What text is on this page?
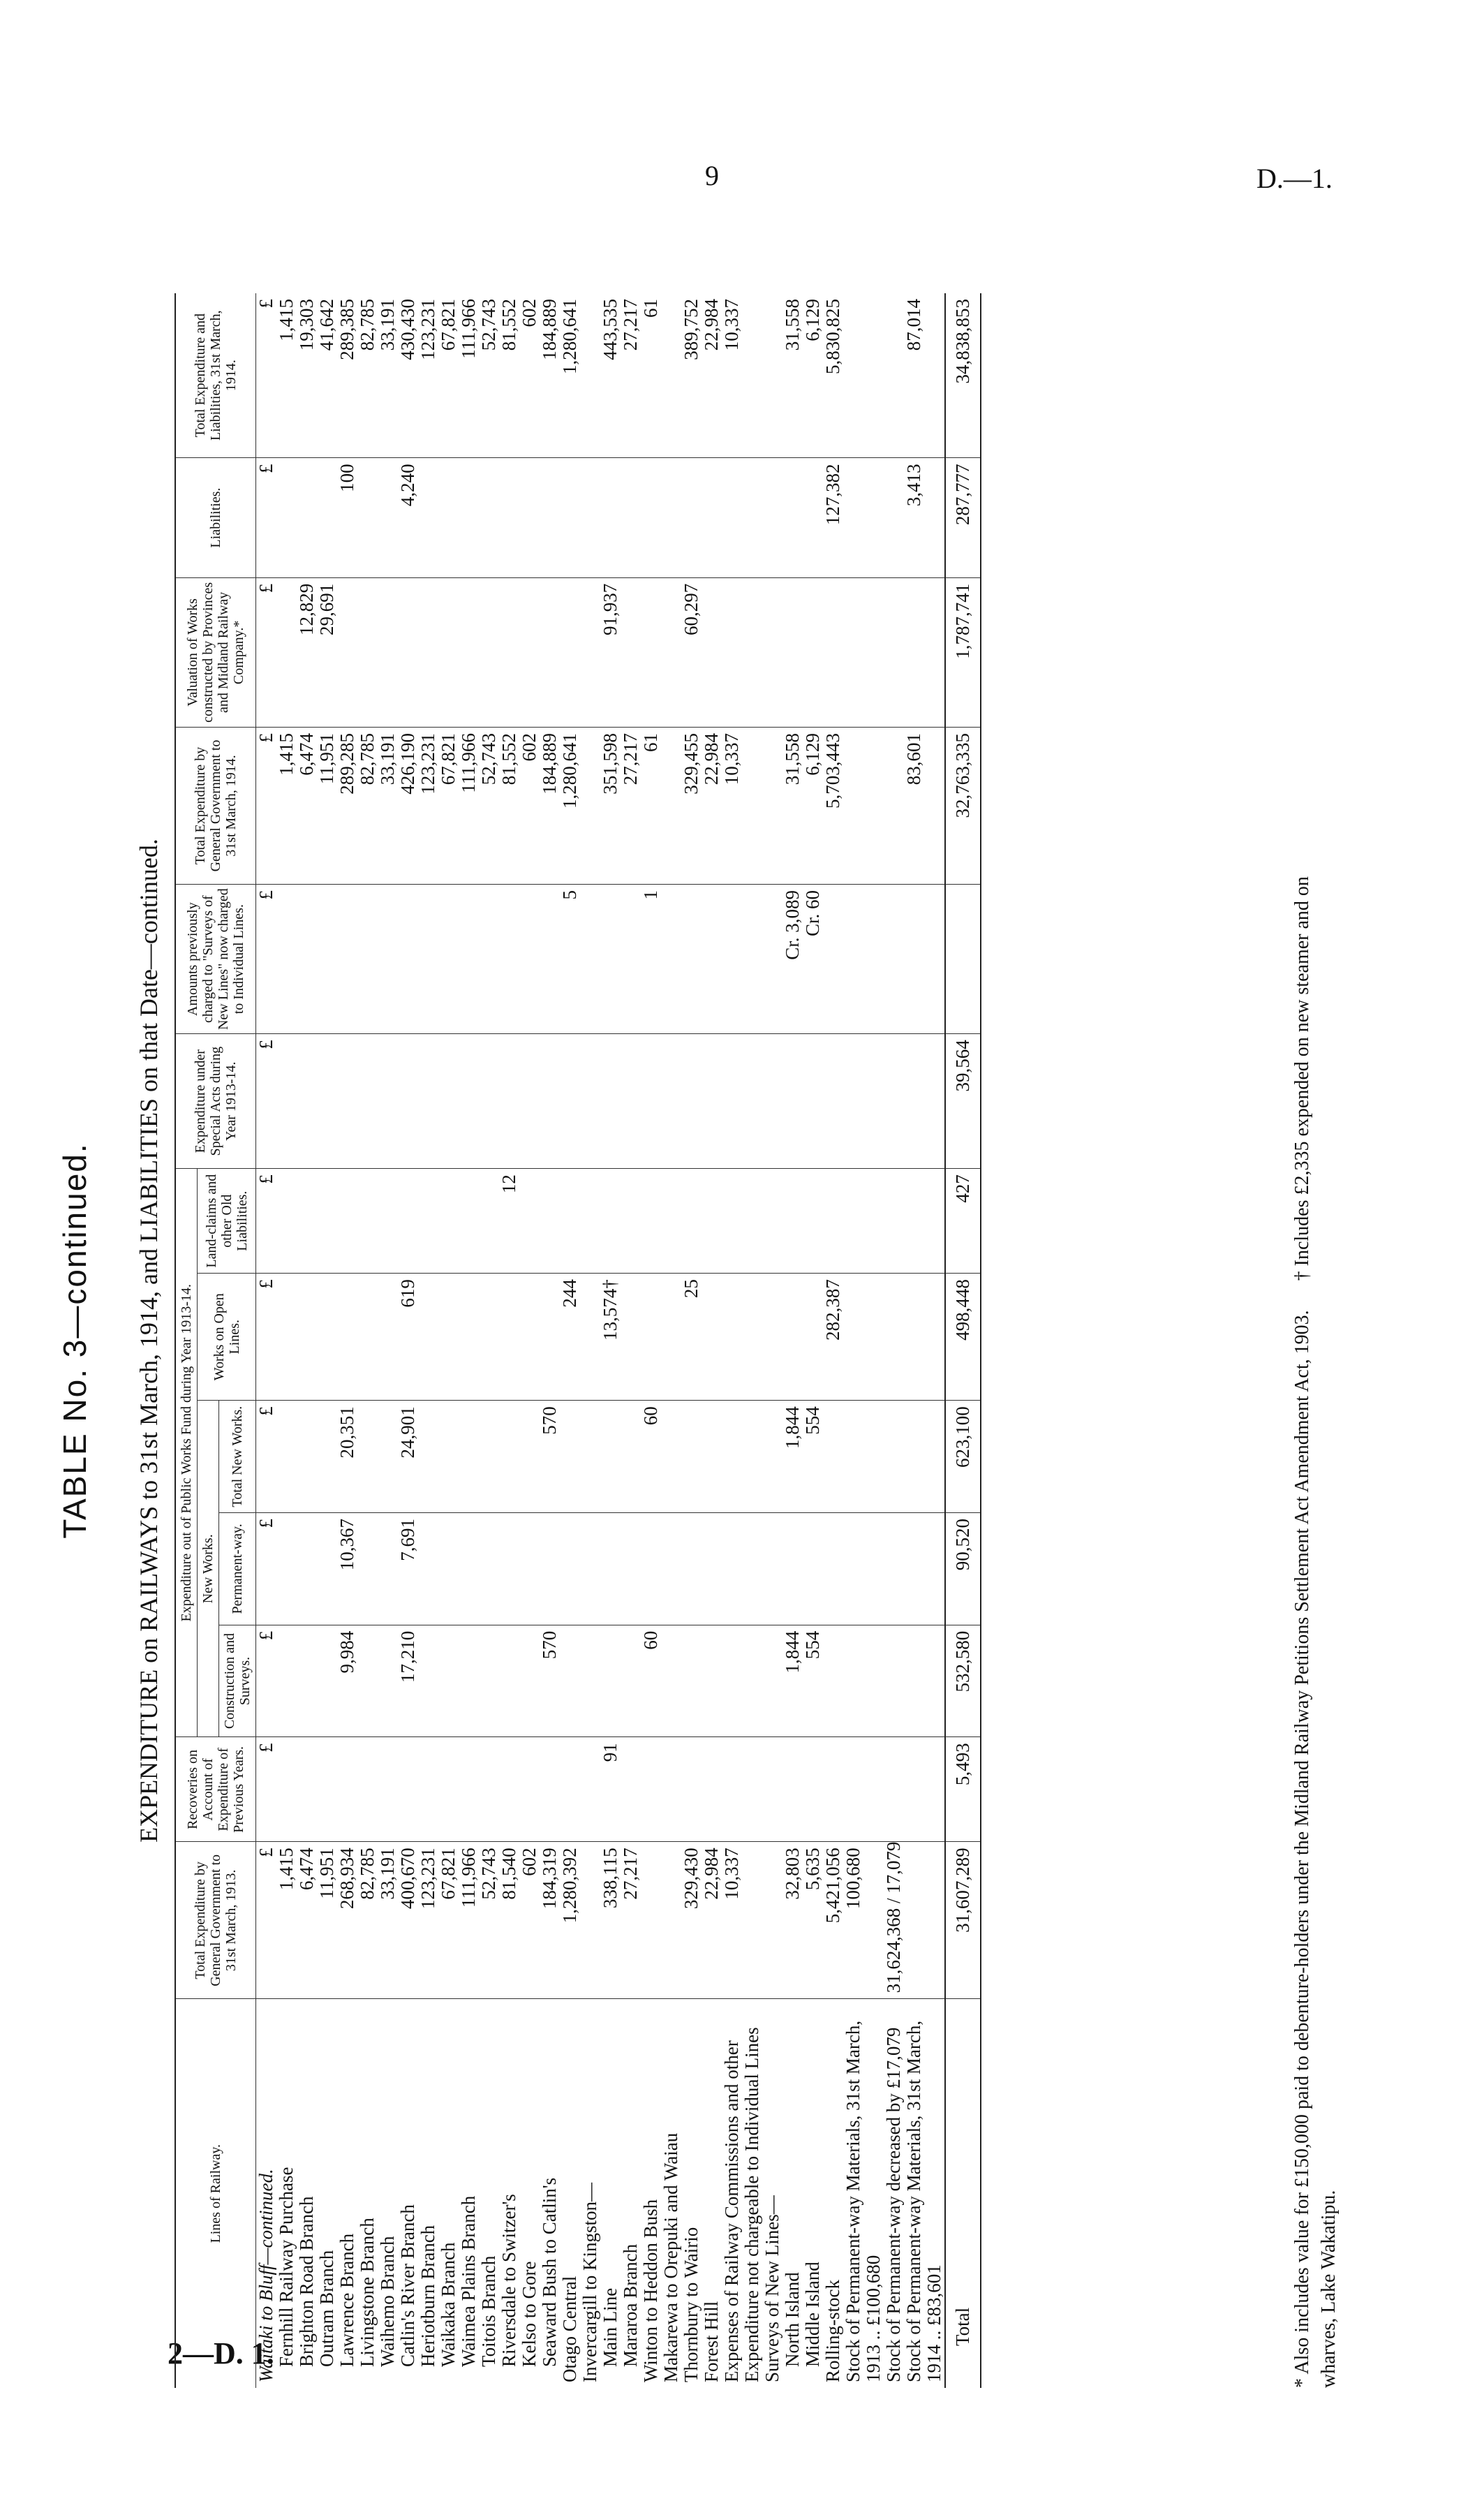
9	D.—1.
2—D. 1.
TABLE No. 3—continued. EXPENDITURE on RAILWAYS to 31st March, 1914, and LIABILITIES on that Date—continued.
Lines of Railway.	Total Expenditure by General Government to 31st March, 1913.	Recoveries on Account of Expenditure of Previous Years.	Expenditure out of Public Works Fund during Year 1913-14.					Expenditure under Special Acts during Year 1913-14.	Amounts previously charged to "Surveys of New Lines" now charged to Individual Lines.	Total Expenditure by General Government to 31st March, 1914.	Valuation of Works constructed by Provinces and Midland Railway Company.*	Liabilities.	Total Expenditure and Liabilities, 31st March, 1914.
			New Works.			Works on Open Lines.	Land-claims and other Old Liabilities.						
			Construction and Surveys.	Permanent-way.	Total New Works.								
Waitaki to Bluff—continued.	£	£	£	£	£	£	£	£	£	£	£	£	£
Fernhill Railway Purchase	1,415									1,415			1,415
Brighton Road Branch	6,474									6,474	12,829		19,303
Outram Branch	11,951									11,951	29,691		41,642
Lawrence Branch	268,934		9,984	10,367	20,351					289,285		100	289,385
Livingstone Branch	82,785									82,785			82,785
Waihemo Branch	33,191									33,191			33,191
Catlin's River Branch	400,670		17,210	7,691	24,901	619				426,190		4,240	430,430
Heriotburn Branch	123,231									123,231			123,231
Waikaka Branch	67,821									67,821			67,821
Waimea Plains Branch	111,966									111,966			111,966
Toitois Branch	52,743									52,743			52,743
Riversdale to Switzer's	81,540						12			81,552			81,552
Kelso to Gore	602									602			602
Seaward Bush to Catlin's	184,319		570		570					184,889			184,889
Otago Central	1,280,392					244			5	1,280,641			1,280,641
Invercargill to Kingston—													
Main Line	338,115	91				13,574†				351,598	91,937		443,535
Mararoa Branch	27,217									27,217			27,217
Winton to Heddon Bush			60		60				1	61			61
Makarewa to Orepuki and Waiau													
Thornbury to Wairio	329,430					25				329,455	60,297		389,752
Forest Hill	22,984									22,984			22,984
Expenses of Railway Commissions and other Expenditure not chargeable to Individual Lines	10,337									10,337			10,337
Surveys of New Lines—													
North Island	32,803		1,844		1,844				Cr. 3,089	31,558			31,558
Middle Island	5,635		554		554				Cr. 60	6,129			6,129
Rolling-stock	5,421,056					282,387				5,703,443		127,382	5,830,825
Stock of Permanent-way Materials, 31st March, 1913 .. £100,680	100,680												
Stock of Permanent-way decreased by £17,079	31,624,368 / 17,079												
Stock of Permanent-way Materials, 31st March, 1914 .. £83,601										83,601		3,413	87,014
Total	31,607,289	5,493	532,580	90,520	623,100	498,448	427	39,564		32,763,335	1,787,741	287,777	34,838,853
* Also includes value for £150,000 paid to debenture-holders under the Midland Railway Petitions Settlement Act Amendment Act, 1903.      † Includes £2,335 expended on new steamer and on
wharves, Lake Wakatipu.
